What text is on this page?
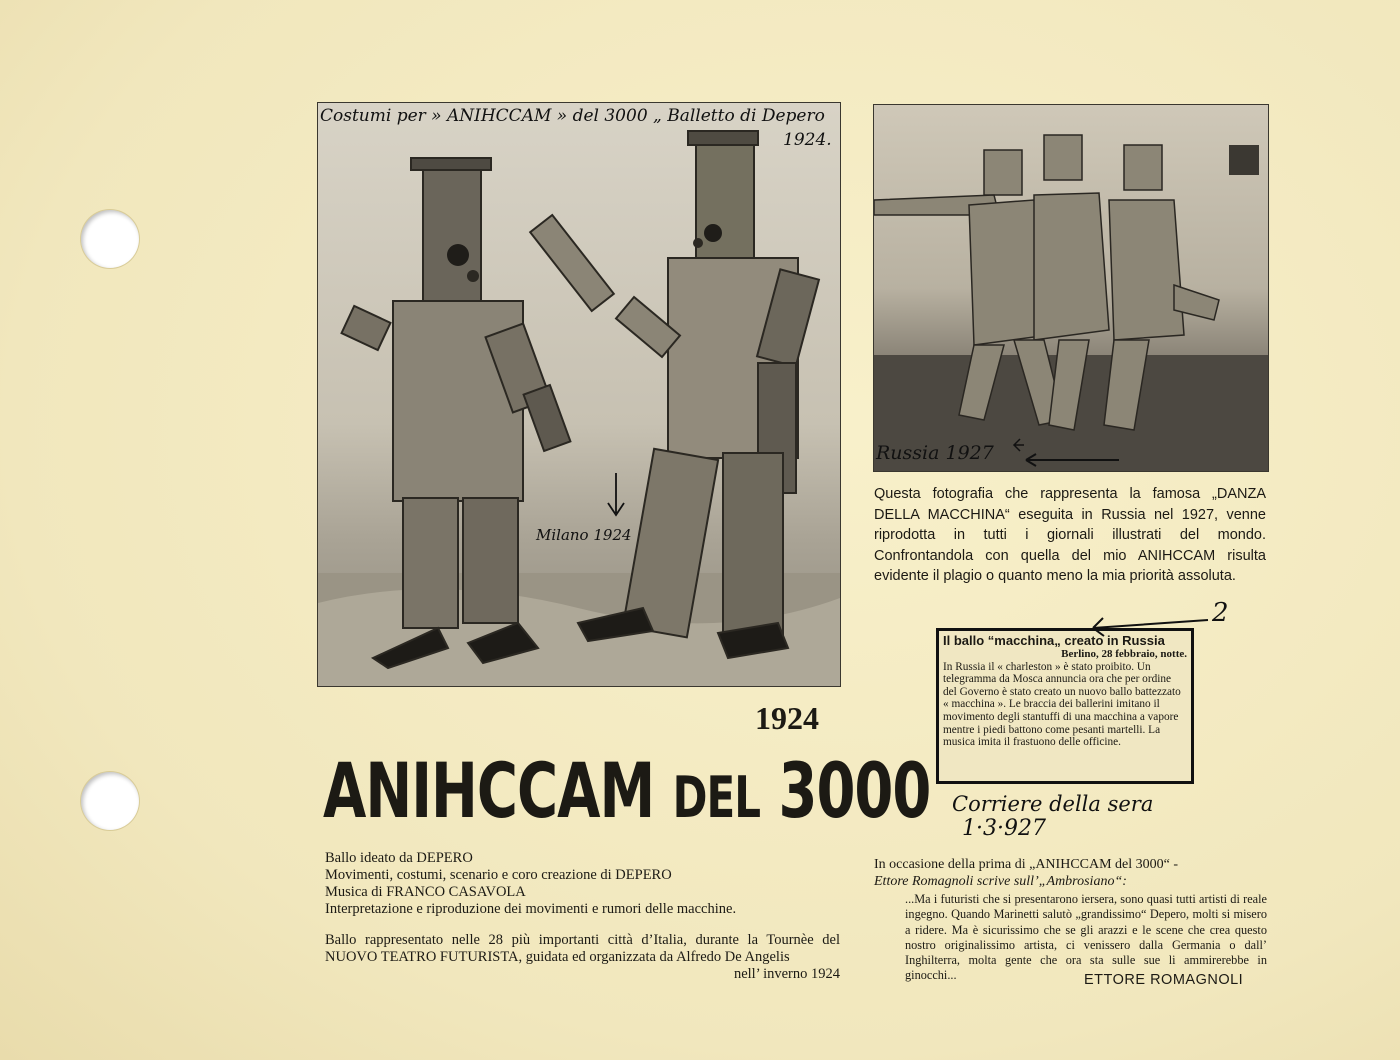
Costumi per » ANIHCCAM » del 3000 „ Balletto di Depero
1924.
Milano 1924
Russia 1927
1924
ANIHCCAM DEL 3000

Ballo ideato da DEPERO

Movimenti, costumi, scenario e coro creazione di DEPERO

Musica di FRANCO CASAVOLA

Interpretazione e riproduzione dei movimenti e rumori delle macchine.

Ballo rappresentato nelle 28 più importanti città d’Italia, durante la Tournèe del NUOVO TEATRO FUTURISTA, guidata ed organizzata da Alfredo De Angelis
nell’ inverno 1924

Questa fotografia che rappresenta la famosa „DANZA DELLA MACCHINA“ eseguita in Russia nel 1927, venne riprodotta in tutti i giornali illustrati del mondo. Confrontandola con quella del mio ANIHCCAM risulta evidente il plagio o quanto meno la mia priorità assoluta.
Il ballo “macchina„ creato in Russia
Berlino, 28 febbraio, notte.
In Russia il « charleston » è stato proibito. Un telegramma da Mosca annuncia ora che per ordine del Governo è stato creato un nuovo ballo battezzato « macchina ». Le braccia dei ballerini imitano il movimento degli stantuffi di una macchina a vapore mentre i piedi battono come pesanti martelli. La musica imita il frastuono delle officine.
2
Corriere della sera
1·3·927
In occasione della prima di „ANIHCCAM del 3000“ -
Ettore Romagnoli scrive sull’„Ambrosiano“:
...Ma i futuristi che si presentarono iersera, sono quasi tutti artisti di reale ingegno. Quando Marinetti salutò „grandissimo“ Depero, molti si misero a ridere. Ma è sicurissimo che se gli arazzi e le scene che crea questo nostro originalissimo artista, ci venissero dalla Germania o dall’ Inghilterra, molta gente che ora sta sulle sue li ammirerebbe in ginocchi...	ETTORE ROMAGNOLI
